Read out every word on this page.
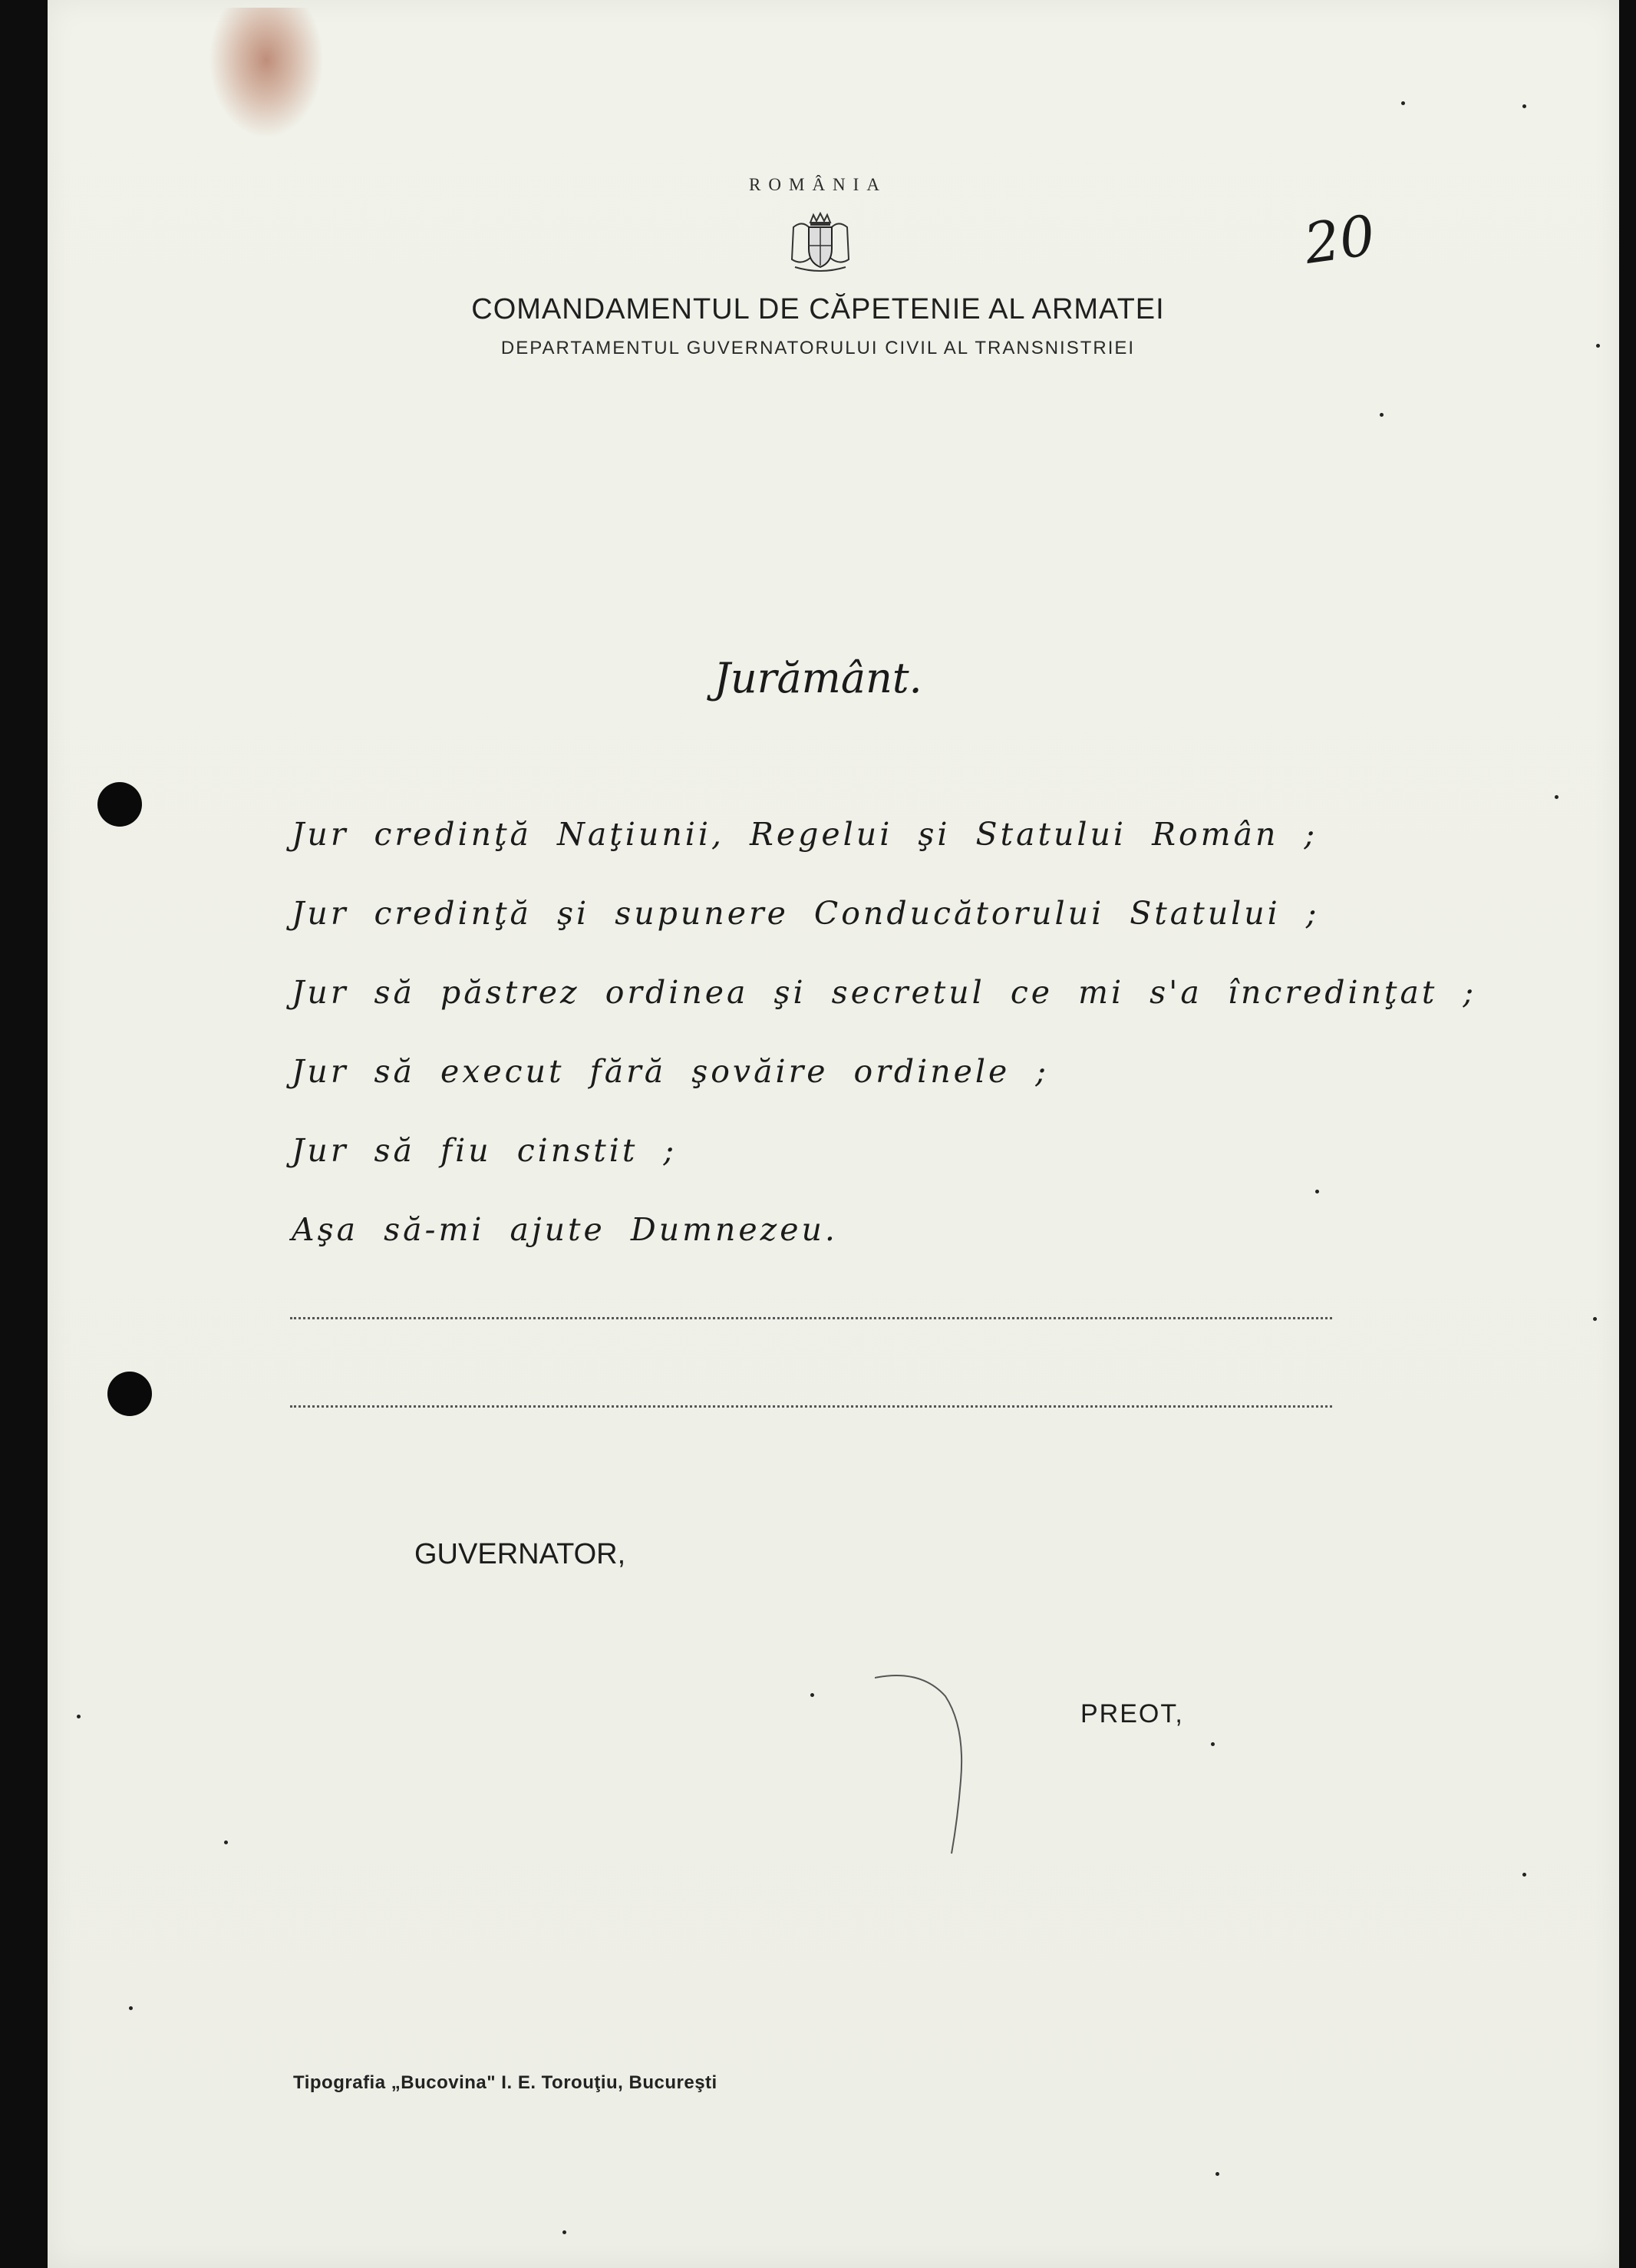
ROMÂNIA
COMANDAMENTUL DE CĂPETENIE AL ARMATEI
DEPARTAMENTUL GUVERNATORULUI CIVIL AL TRANSNISTRIEI
20
Jurământ.
Jur credinţă Naţiunii, Regelui şi Statului Român ;
Jur credinţă şi supunere Conducătorului Statului ;
Jur să păstrez ordinea şi secretul ce mi s'a încredinţat ;
Jur să execut fără şovăire ordinele ;
Jur să fiu cinstit ;
Aşa să-mi ajute Dumnezeu.
GUVERNATOR,
PREOT,
Tipografia „Bucovina" I. E. Torouţiu, Bucureşti
